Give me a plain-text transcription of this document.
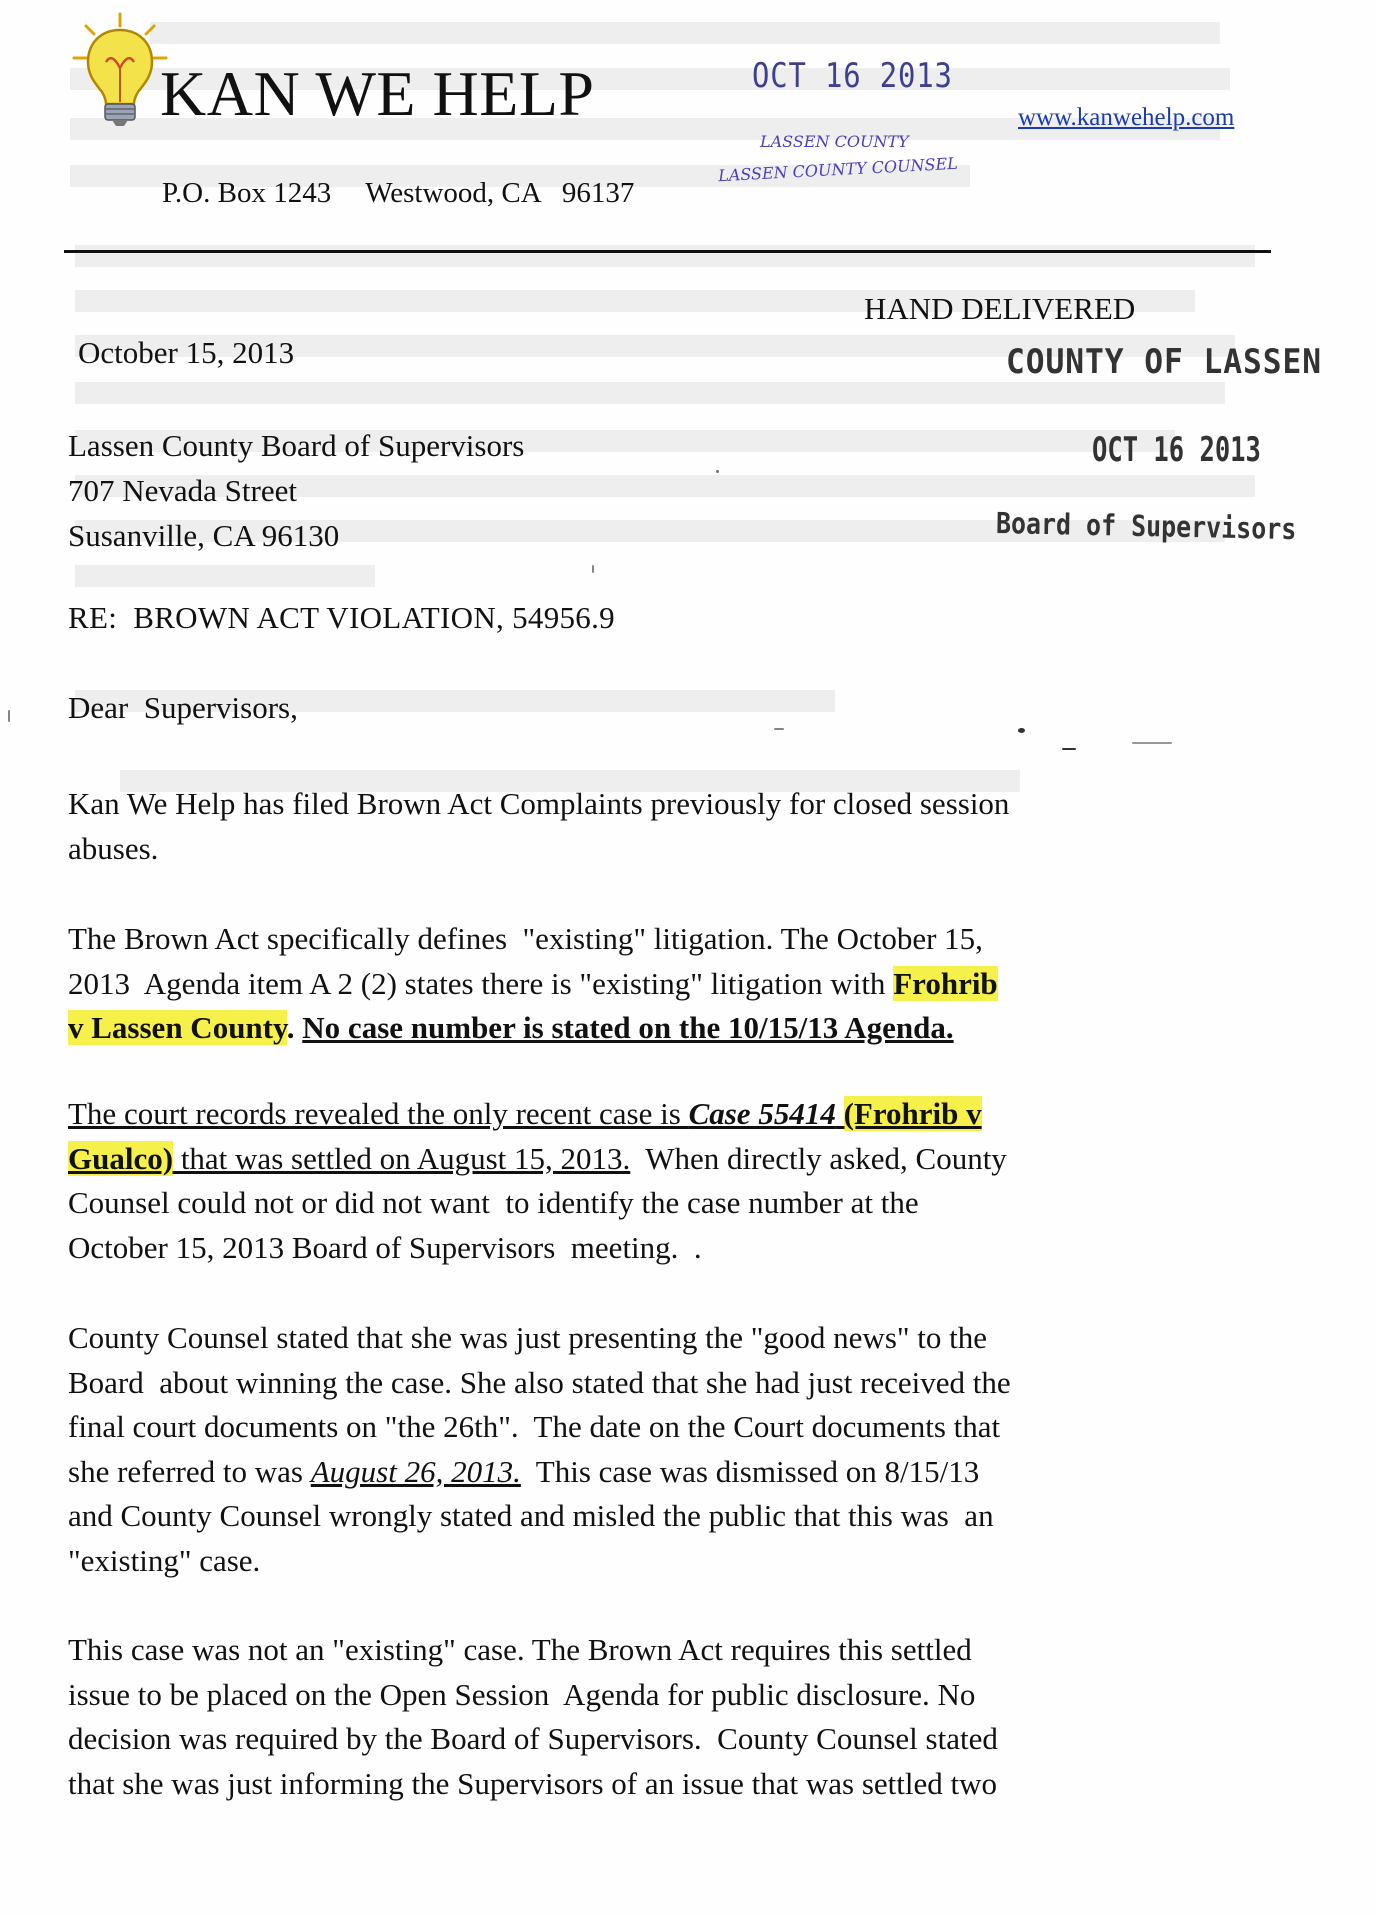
KAN WE HELP
P.O. Box 1243 Westwood, CA   96137
www.kanwehelp.com
OCT 16 2013
LASSEN COUNTY
LASSEN COUNTY COUNSEL
HAND DELIVERED
COUNTY OF LASSEN
OCT 16 2013
Board of Supervisors
October 15, 2013
Lassen County Board of Supervisors
707 Nevada Street
Susanville, CA 96130
RE:  BROWN ACT VIOLATION, 54956.9
Dear  Supervisors,
Kan We Help has filed Brown Act Complaints previously for closed session
abuses.
The Brown Act specifically defines  "existing" litigation. The October 15,
2013  Agenda item A 2 (2) states there is "existing" litigation with Frohrib
v Lassen County. No case number is stated on the 10/15/13 Agenda.
The court records revealed the only recent case is Case 55414 (Frohrib v
Gualco) that was settled on August 15, 2013.  When directly asked, County
Counsel could not or did not want  to identify the case number at the
October 15, 2013 Board of Supervisors  meeting.  .
County Counsel stated that she was just presenting the "good news" to the
Board  about winning the case. She also stated that she had just received the
final court documents on "the 26th".  The date on the Court documents that
she referred to was August 26, 2013.  This case was dismissed on 8/15/13
and County Counsel wrongly stated and misled the public that this was  an
"existing" case.
This case was not an "existing" case. The Brown Act requires this settled
issue to be placed on the Open Session  Agenda for public disclosure. No
decision was required by the Board of Supervisors.  County Counsel stated
that she was just informing the Supervisors of an issue that was settled two
